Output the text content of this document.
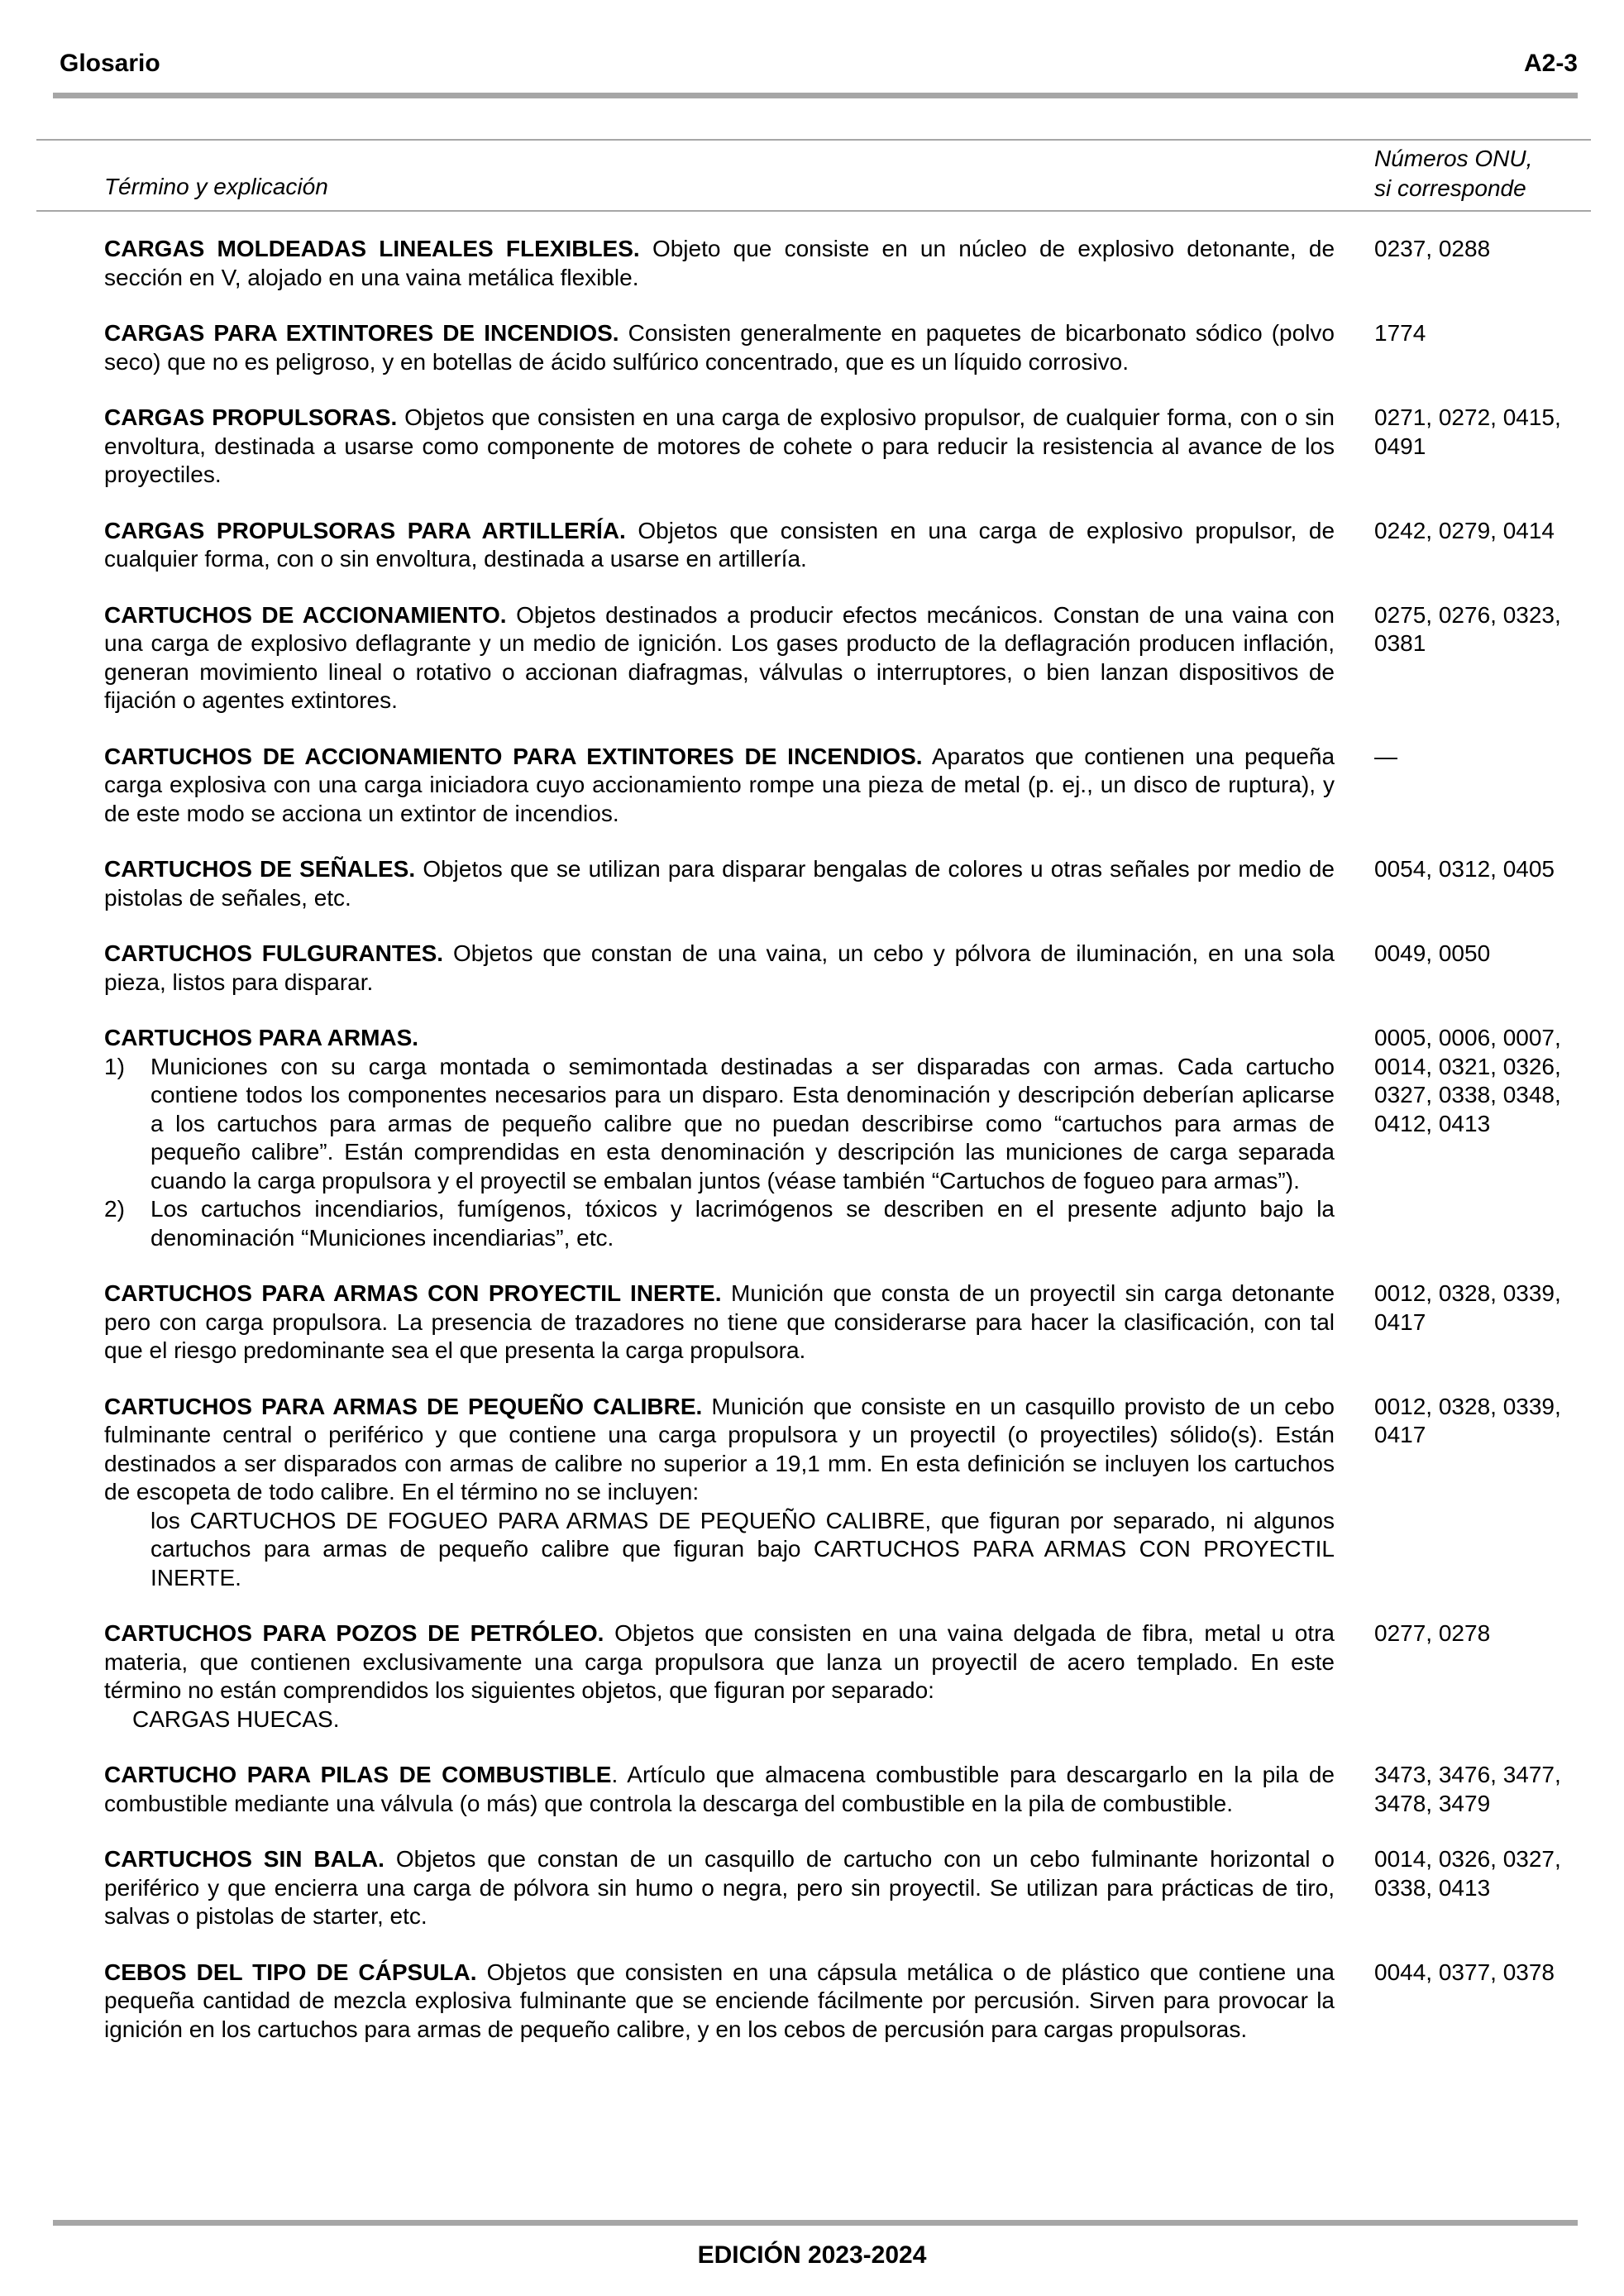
Glosario	A2-3
Término y explicación
Números ONU,
si corresponde
CARGAS MOLDEADAS LINEALES FLEXIBLES. Objeto que consiste en un núcleo de explosivo detonante, de sección en V, alojado en una vaina metálica flexible.
0237, 0288
CARGAS PARA EXTINTORES DE INCENDIOS. Consisten generalmente en paquetes de bicarbonato sódico (polvo seco) que no es peligroso, y en botellas de ácido sulfúrico concentrado, que es un líquido corrosivo.
1774
CARGAS PROPULSORAS. Objetos que consisten en una carga de explosivo propulsor, de cualquier forma, con o sin envoltura, destinada a usarse como componente de motores de cohete o para reducir la resistencia al avance de los proyectiles.
0271, 0272, 0415, 0491
CARGAS PROPULSORAS PARA ARTILLERÍA. Objetos que consisten en una carga de explosivo propulsor, de cualquier forma, con o sin envoltura, destinada a usarse en artillería.
0242, 0279, 0414
CARTUCHOS DE ACCIONAMIENTO. Objetos destinados a producir efectos mecánicos. Constan de una vaina con una carga de explosivo deflagrante y un medio de ignición. Los gases producto de la deflagración producen inflación, generan movimiento lineal o rotativo o accionan diafragmas, válvulas o interruptores, o bien lanzan dispositivos de fijación o agentes extintores.
0275, 0276, 0323, 0381
CARTUCHOS DE ACCIONAMIENTO PARA EXTINTORES DE INCENDIOS. Aparatos que contienen una pequeña carga explosiva con una carga iniciadora cuyo accionamiento rompe una pieza de metal (p. ej., un disco de ruptura), y de este modo se acciona un extintor de incendios.
—
CARTUCHOS DE SEÑALES. Objetos que se utilizan para disparar bengalas de colores u otras señales por medio de pistolas de señales, etc.
0054, 0312, 0405
CARTUCHOS FULGURANTES. Objetos que constan de una vaina, un cebo y pólvora de iluminación, en una sola pieza, listos para disparar.
0049, 0050
CARTUCHOS PARA ARMAS.
1)	Municiones con su carga montada o semimontada destinadas a ser disparadas con armas. Cada cartucho contiene todos los componentes necesarios para un disparo. Esta denominación y descripción deberían aplicarse a los cartuchos para armas de pequeño calibre que no puedan describirse como “cartuchos para armas de pequeño calibre”. Están comprendidas en esta denominación y descripción las municiones de carga separada cuando la carga propulsora y el proyectil se embalan juntos (véase también “Cartuchos de fogueo para armas”).
2)	Los cartuchos incendiarios, fumígenos, tóxicos y lacrimógenos se describen en el presente adjunto bajo la denominación “Municiones incendiarias”, etc.
0005, 0006, 0007, 0014, 0321, 0326, 0327, 0338, 0348, 0412, 0413
CARTUCHOS PARA ARMAS CON PROYECTIL INERTE. Munición que consta de un proyectil sin carga detonante pero con carga propulsora. La presencia de trazadores no tiene que considerarse para hacer la clasificación, con tal que el riesgo predominante sea el que presenta la carga propulsora.
0012, 0328, 0339, 0417
CARTUCHOS PARA ARMAS DE PEQUEÑO CALIBRE. Munición que consiste en un casquillo provisto de un cebo fulminante central o periférico y que contiene una carga propulsora y un proyectil (o proyectiles) sólido(s). Están destinados a ser disparados con armas de calibre no superior a 19,1 mm. En esta definición se incluyen los cartuchos de escopeta de todo calibre. En el término no se incluyen:
los CARTUCHOS DE FOGUEO PARA ARMAS DE PEQUEÑO CALIBRE, que figuran por separado, ni algunos cartuchos para armas de pequeño calibre que figuran bajo CARTUCHOS PARA ARMAS CON PROYECTIL INERTE.
0012, 0328, 0339, 0417
CARTUCHOS PARA POZOS DE PETRÓLEO. Objetos que consisten en una vaina delgada de fibra, metal u otra materia, que contienen exclusivamente una carga propulsora que lanza un proyectil de acero templado. En este término no están comprendidos los siguientes objetos, que figuran por separado:
CARGAS HUECAS.
0277, 0278
CARTUCHO PARA PILAS DE COMBUSTIBLE. Artículo que almacena combustible para descargarlo en la pila de combustible mediante una válvula (o más) que controla la descarga del combustible en la pila de combustible.
3473, 3476, 3477, 3478, 3479
CARTUCHOS SIN BALA. Objetos que constan de un casquillo de cartucho con un cebo fulminante horizontal o periférico y que encierra una carga de pólvora sin humo o negra, pero sin proyectil. Se utilizan para prácticas de tiro, salvas o pistolas de starter, etc.
0014, 0326, 0327, 0338, 0413
CEBOS DEL TIPO DE CÁPSULA. Objetos que consisten en una cápsula metálica o de plástico que contiene una pequeña cantidad de mezcla explosiva fulminante que se enciende fácilmente por percusión. Sirven para provocar la ignición en los cartuchos para armas de pequeño calibre, y en los cebos de percusión para cargas propulsoras.
0044, 0377, 0378
EDICIÓN 2023-2024
